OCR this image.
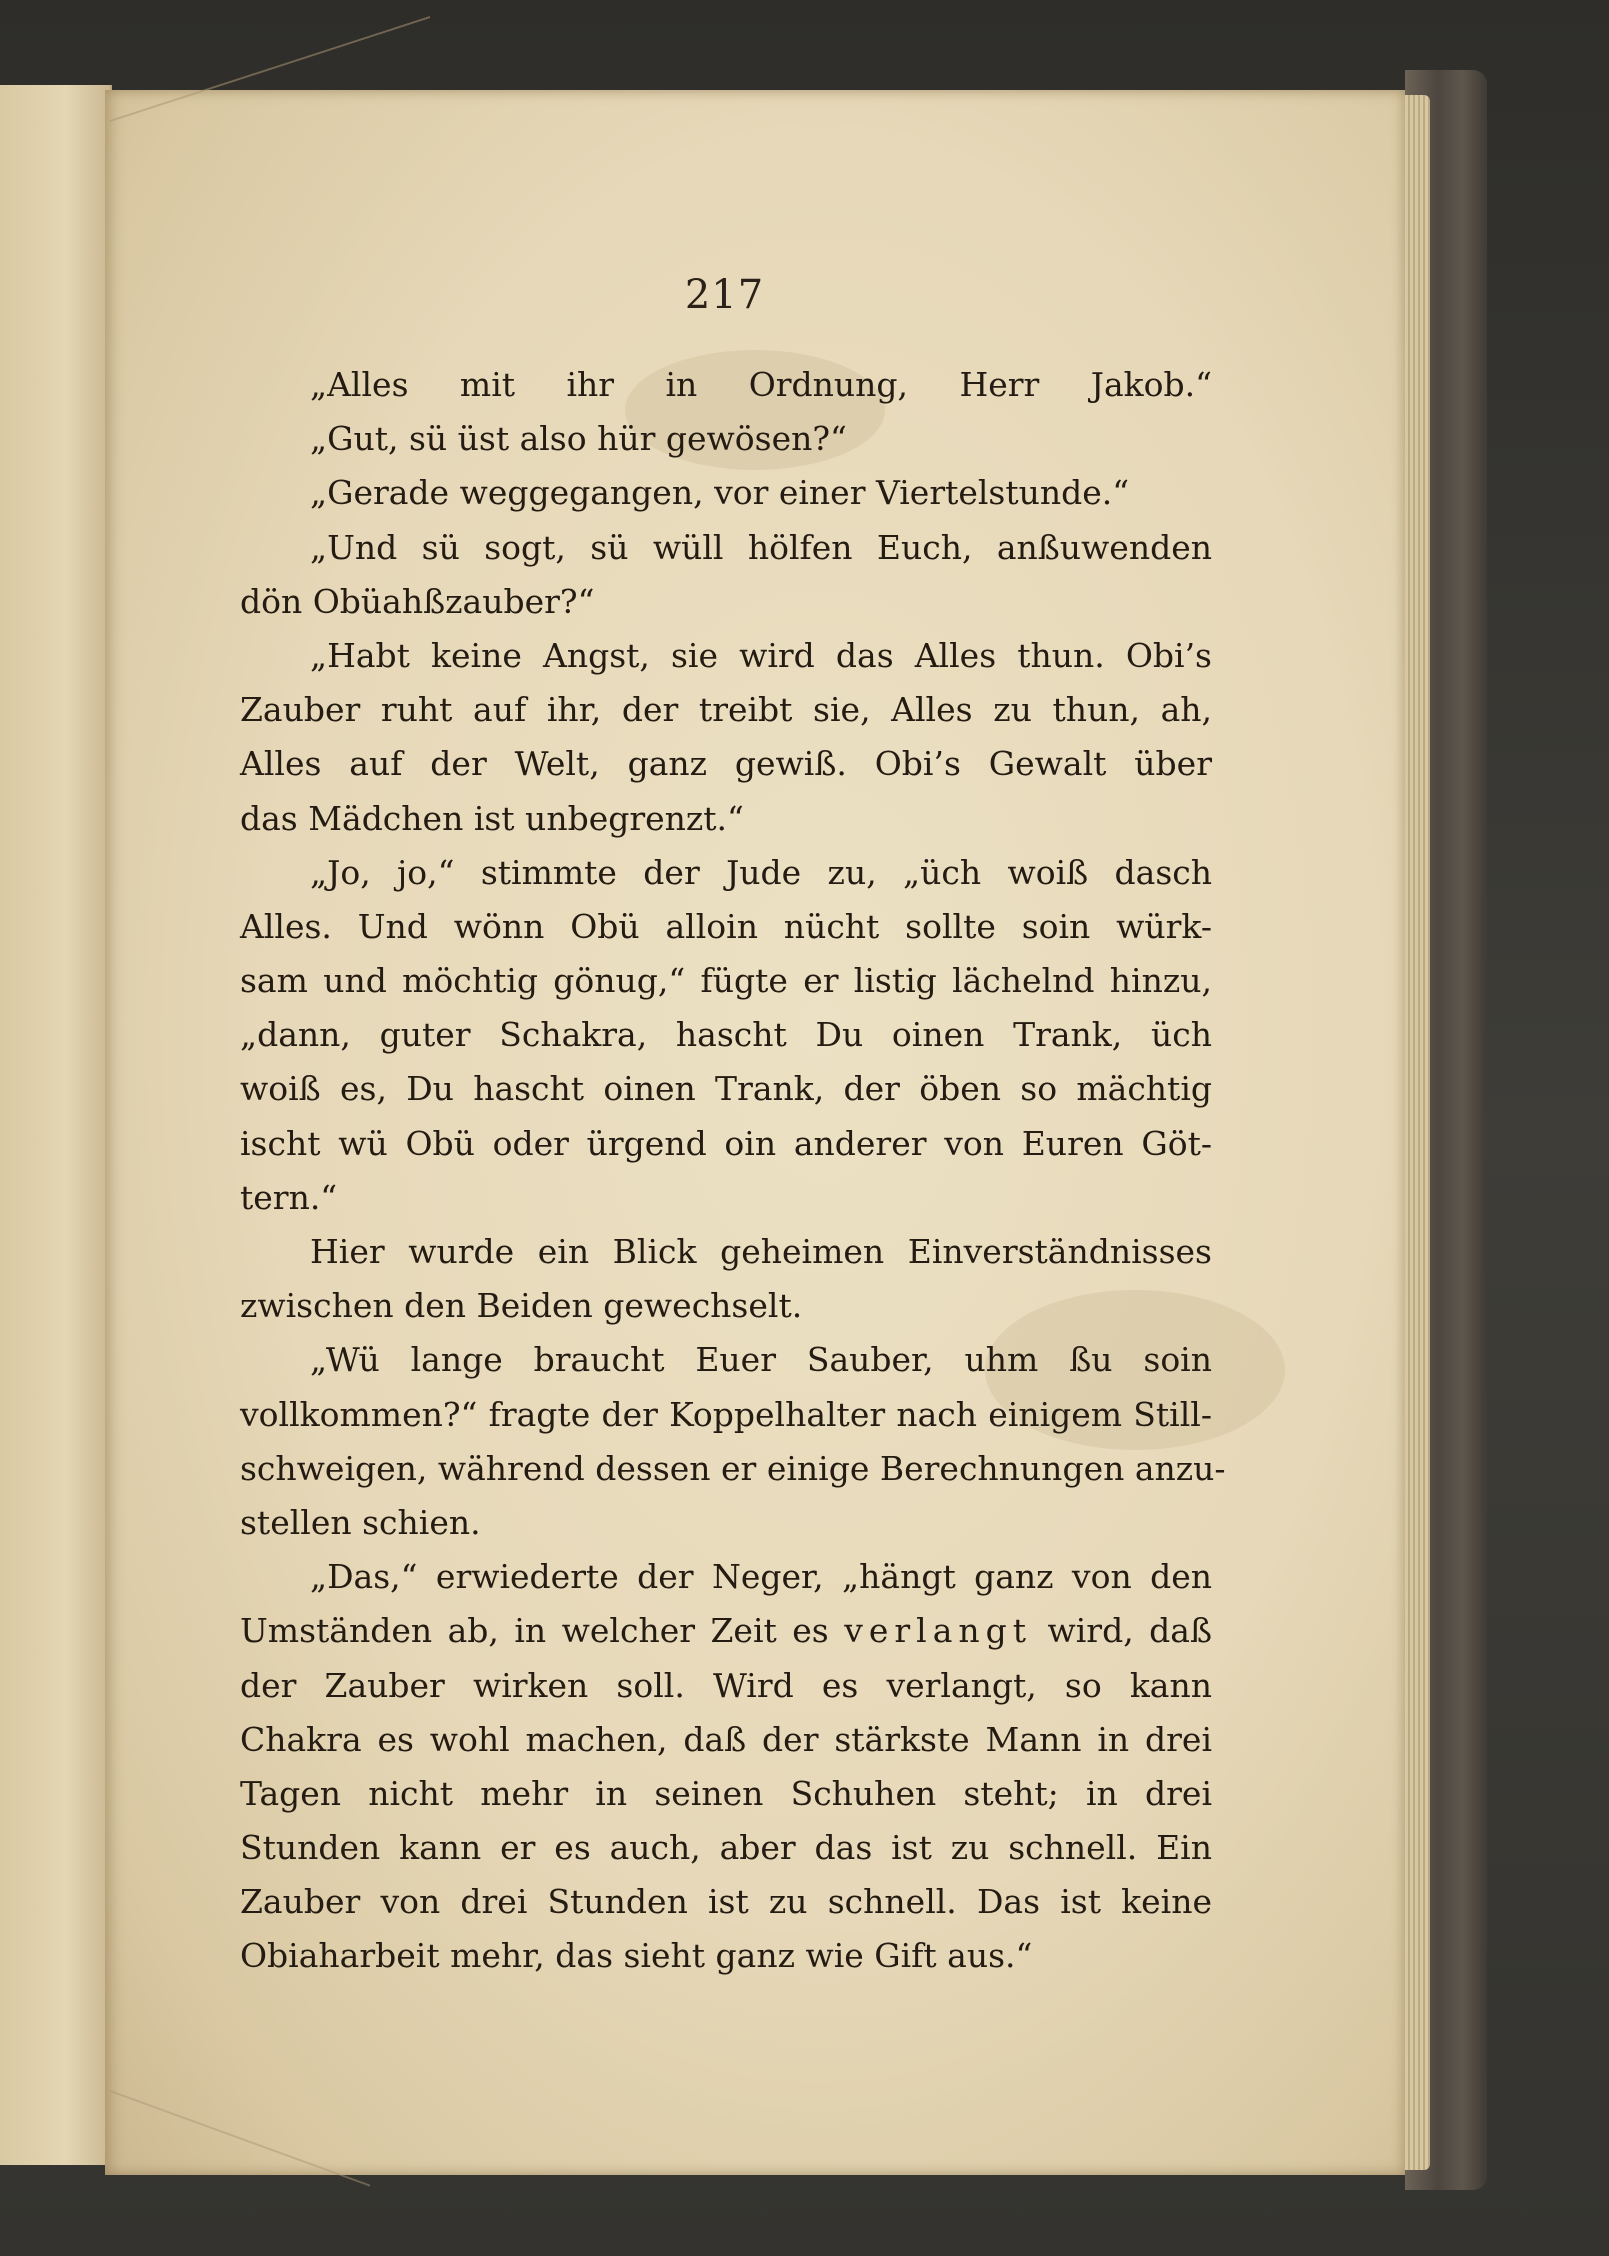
217
„Alles mit ihr in Ordnung, Herr Jakob.“
„Gut, sü üst also hür gewösen?“
„Gerade weggegangen, vor einer Viertelstunde.“
„Und sü sogt, sü wüll hölfen Euch, anßuwenden
dön Obüahßzauber?“
„Habt keine Angst, sie wird das Alles thun. Obi’s
Zauber ruht auf ihr, der treibt sie, Alles zu thun, ah,
Alles auf der Welt, ganz gewiß. Obi’s Gewalt über
das Mädchen ist unbegrenzt.“
„Jo, jo,“ stimmte der Jude zu, „üch woiß dasch
Alles. Und wönn Obü alloin nücht sollte soin würk-
sam und möchtig gönug,“ fügte er listig lächelnd hinzu,
„dann, guter Schakra, hascht Du oinen Trank, üch
woiß es, Du hascht oinen Trank, der öben so mächtig
ischt wü Obü oder ürgend oin anderer von Euren Göt-
tern.“
Hier wurde ein Blick geheimen Einverständnisses
zwischen den Beiden gewechselt.
„Wü lange braucht Euer Sauber, uhm ßu soin
vollkommen?“ fragte der Koppelhalter nach einigem Still-
schweigen, während dessen er einige Berechnungen anzu-
stellen schien.
„Das,“ erwiederte der Neger, „hängt ganz von den
Umständen ab, in welcher Zeit es verlangt wird, daß
der Zauber wirken soll. Wird es verlangt, so kann
Chakra es wohl machen, daß der stärkste Mann in drei
Tagen nicht mehr in seinen Schuhen steht; in drei
Stunden kann er es auch, aber das ist zu schnell. Ein
Zauber von drei Stunden ist zu schnell. Das ist keine
Obiaharbeit mehr, das sieht ganz wie Gift aus.“
